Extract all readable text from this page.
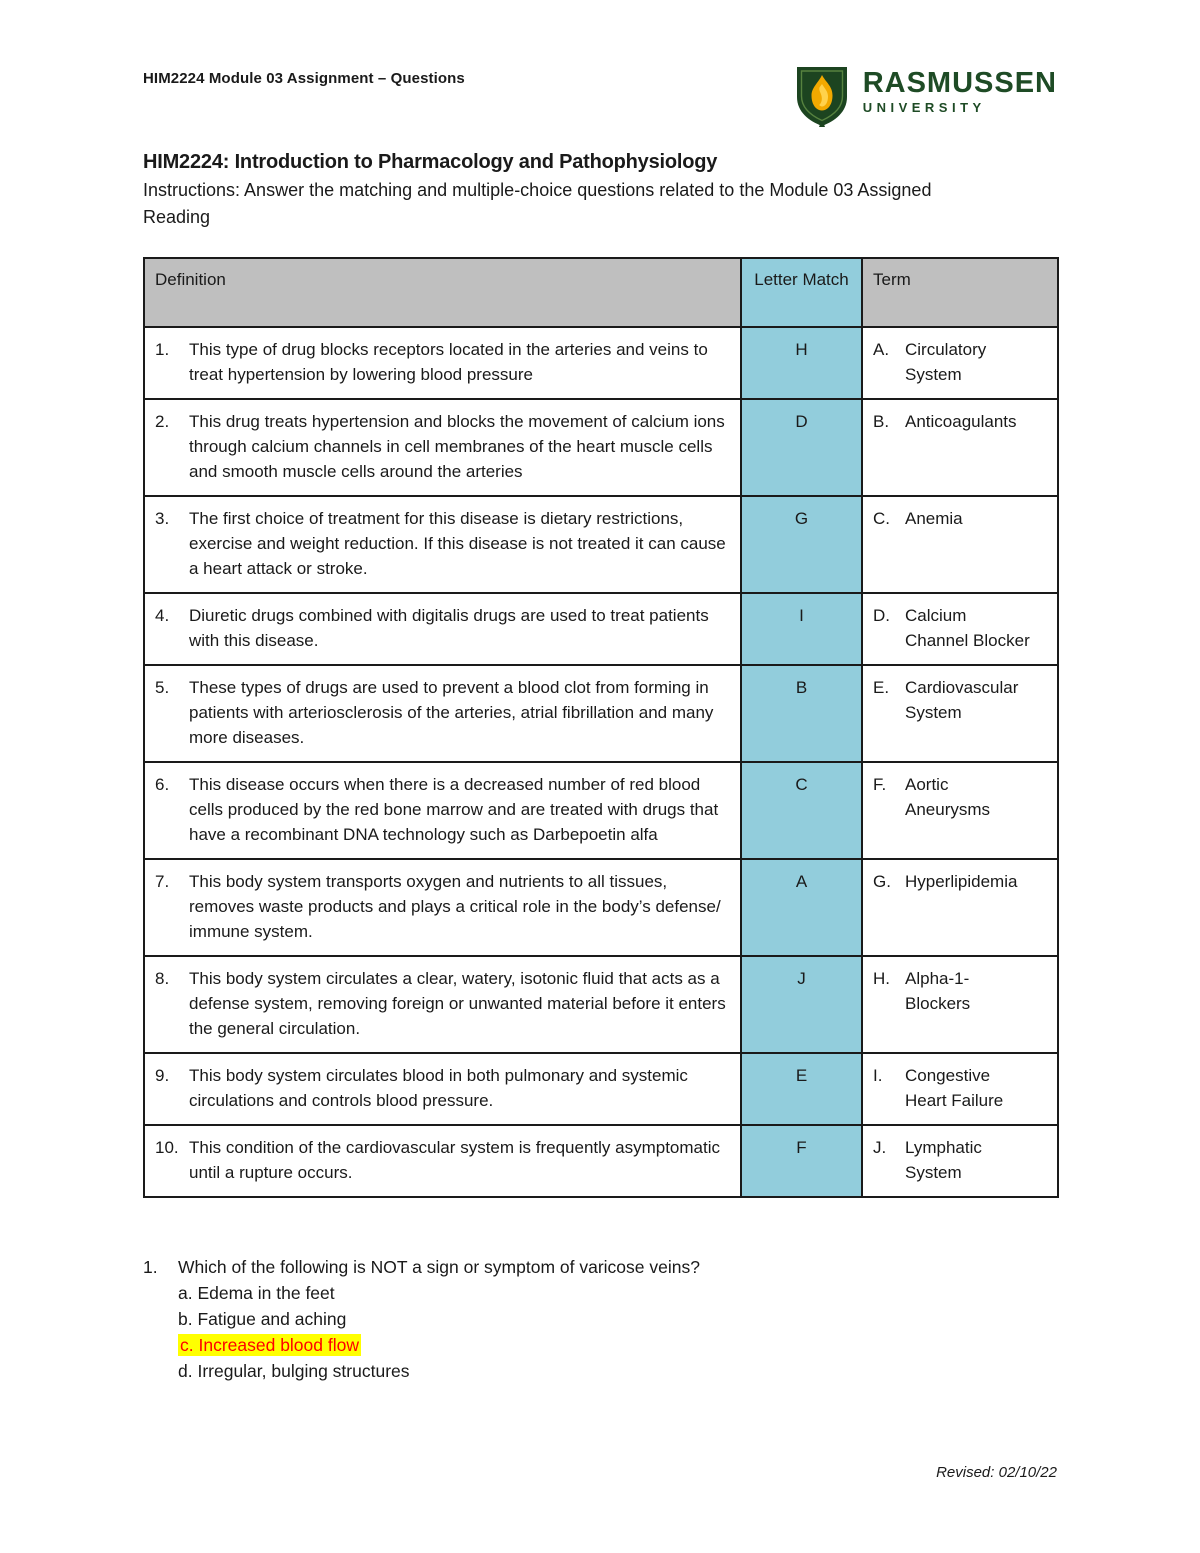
HIM2224 Module 03 Assignment – Questions	RASMUSSEN
UNIVERSITY
HIM2224: Introduction to Pharmacology and Pathophysiology
Instructions: Answer the matching and multiple-choice questions related to the Module 03 Assigned
Reading
Definition	Letter Match	Term

1. This type of drug blocks receptors located in the arteries and veins to treat hypertension by lowering blood pressure	H	A. Circulatory System

2. This drug treats hypertension and blocks the movement of calcium ions through calcium channels in cell membranes of the heart muscle cells and smooth muscle cells around the arteries	D	B. Anticoagulants

3. The first choice of treatment for this disease is dietary restrictions, exercise and weight reduction. If this disease is not treated it can cause a heart attack or stroke.	G	C. Anemia

4. Diuretic drugs combined with digitalis drugs are used to treat patients with this disease.	I	D. Calcium Channel Blocker

5. These types of drugs are used to prevent a blood clot from forming in patients with arteriosclerosis of the arteries, atrial fibrillation and many more diseases.	B	E. Cardiovascular System

6. This disease occurs when there is a decreased number of red blood cells produced by the red bone marrow and are treated with drugs that have a recombinant DNA technology such as Darbepoetin alfa	C	F. Aortic Aneurysms

7. This body system transports oxygen and nutrients to all tissues, removes waste products and plays a critical role in the body’s defense/ immune system.	A	G. Hyperlipidemia

8. This body system circulates a clear, watery, isotonic fluid that acts as a defense system, removing foreign or unwanted material before it enters the general circulation.	J	H. Alpha-1-Blockers

9. This body system circulates blood in both pulmonary and systemic circulations and controls blood pressure.	E	I. Congestive Heart Failure

10. This condition of the cardiovascular system is frequently asymptomatic until a rupture occurs.	F	J. Lymphatic System
1.	Which of the following is NOT a sign or symptom of varicose veins?
a. Edema in the feet
b. Fatigue and aching
c. Increased blood flow
d. Irregular, bulging structures
Revised: 02/10/22
